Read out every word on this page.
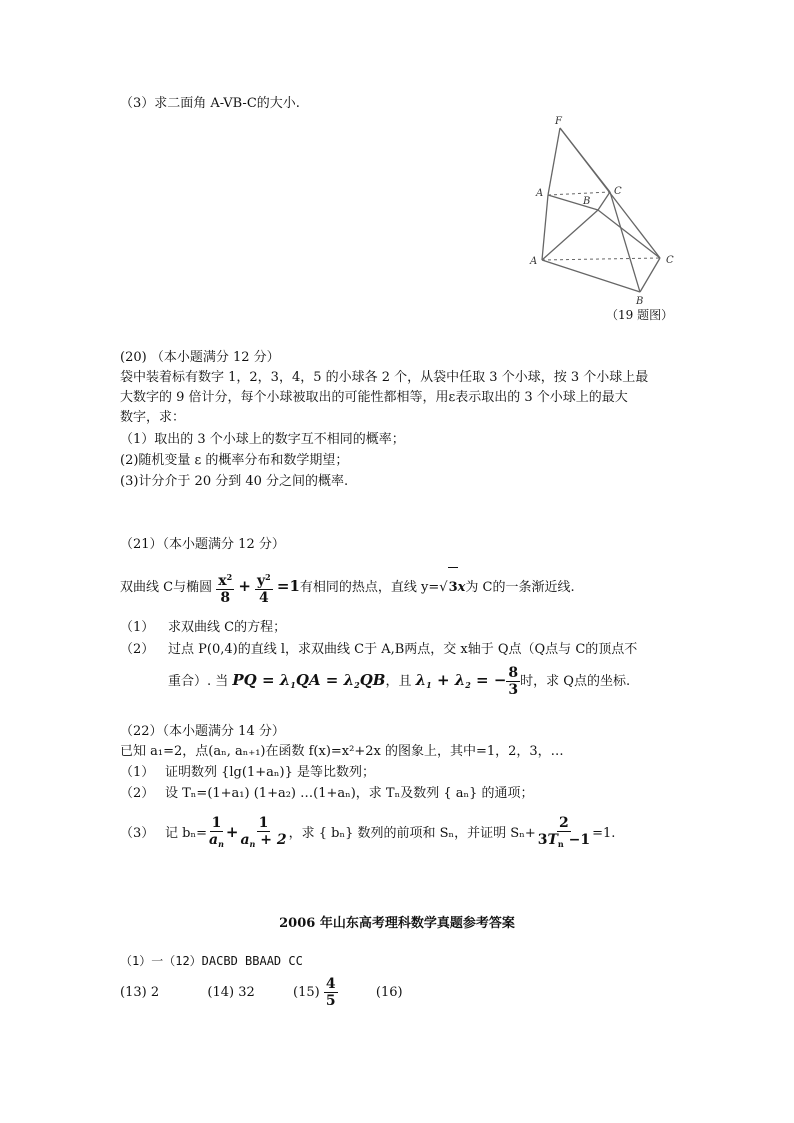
（3）求二面角 A-VB-C的大小.
F
A	C
B
A	C
B
（19 题图）
(20) （本小题满分 12 分）
袋中装着标有数字 1，2，3，4，5 的小球各 2 个，从袋中任取 3 个小球，按 3 个小球上最
大数字的 9 倍计分，每个小球被取出的可能性都相等，用ε表示取出的 3 个小球上的最大
数字，求：
（1）取出的 3 个小球上的数字互不相同的概率；
(2)随机变量 ε 的概率分布和数学期望；
(3)计分介于 20 分到 40 分之间的概率.
（21）（本小题满分 12 分）
双曲线 C与椭圆 $\frac{x^2}{8} + \frac{y^2}{4} =1$有相同的热点，直线 y=√3x为 C的一条渐近线.
（1） 求双曲线 C的方程；
（2） 过点 P(0,4)的直线 l，求双曲线 C于 A,B两点，交 x轴于 Q点（Q点与 C的顶点不
重合）. 当 PQ = $\lambda_1QA = \lambda_2QB$，且 $\lambda_1 + \lambda_2$ = − $\frac{8}{3}$ 时，求 Q点的坐标.
（22）（本小题满分 14 分）
已知 a₁=2，点(aₙ, aₙ₊₁)在函数 f(x)=x²+2x 的图象上，其中=1，2，3，…
（1） 证明数列 {lg(1+aₙ)} 是等比数列；
（2） 设 Tₙ=(1+a₁) (1+a₂) …(1+aₙ)，求 Tₙ及数列 { aₙ} 的通项；
（3） 记 $b_n= \frac{1}{a_n} + \frac{1}{a_n + 2}$ ，求 { bₙ} 数列的前项和 Sₙ，并证明 $S_n+ \frac{2}{3T_n -1} =1$.
2006 年山东高考理科数学真题参考答案
（1）一（12）DACBD BBAAD CC
(13) 2	(14) 32	$(15) \frac{4}{5}$	(16)
